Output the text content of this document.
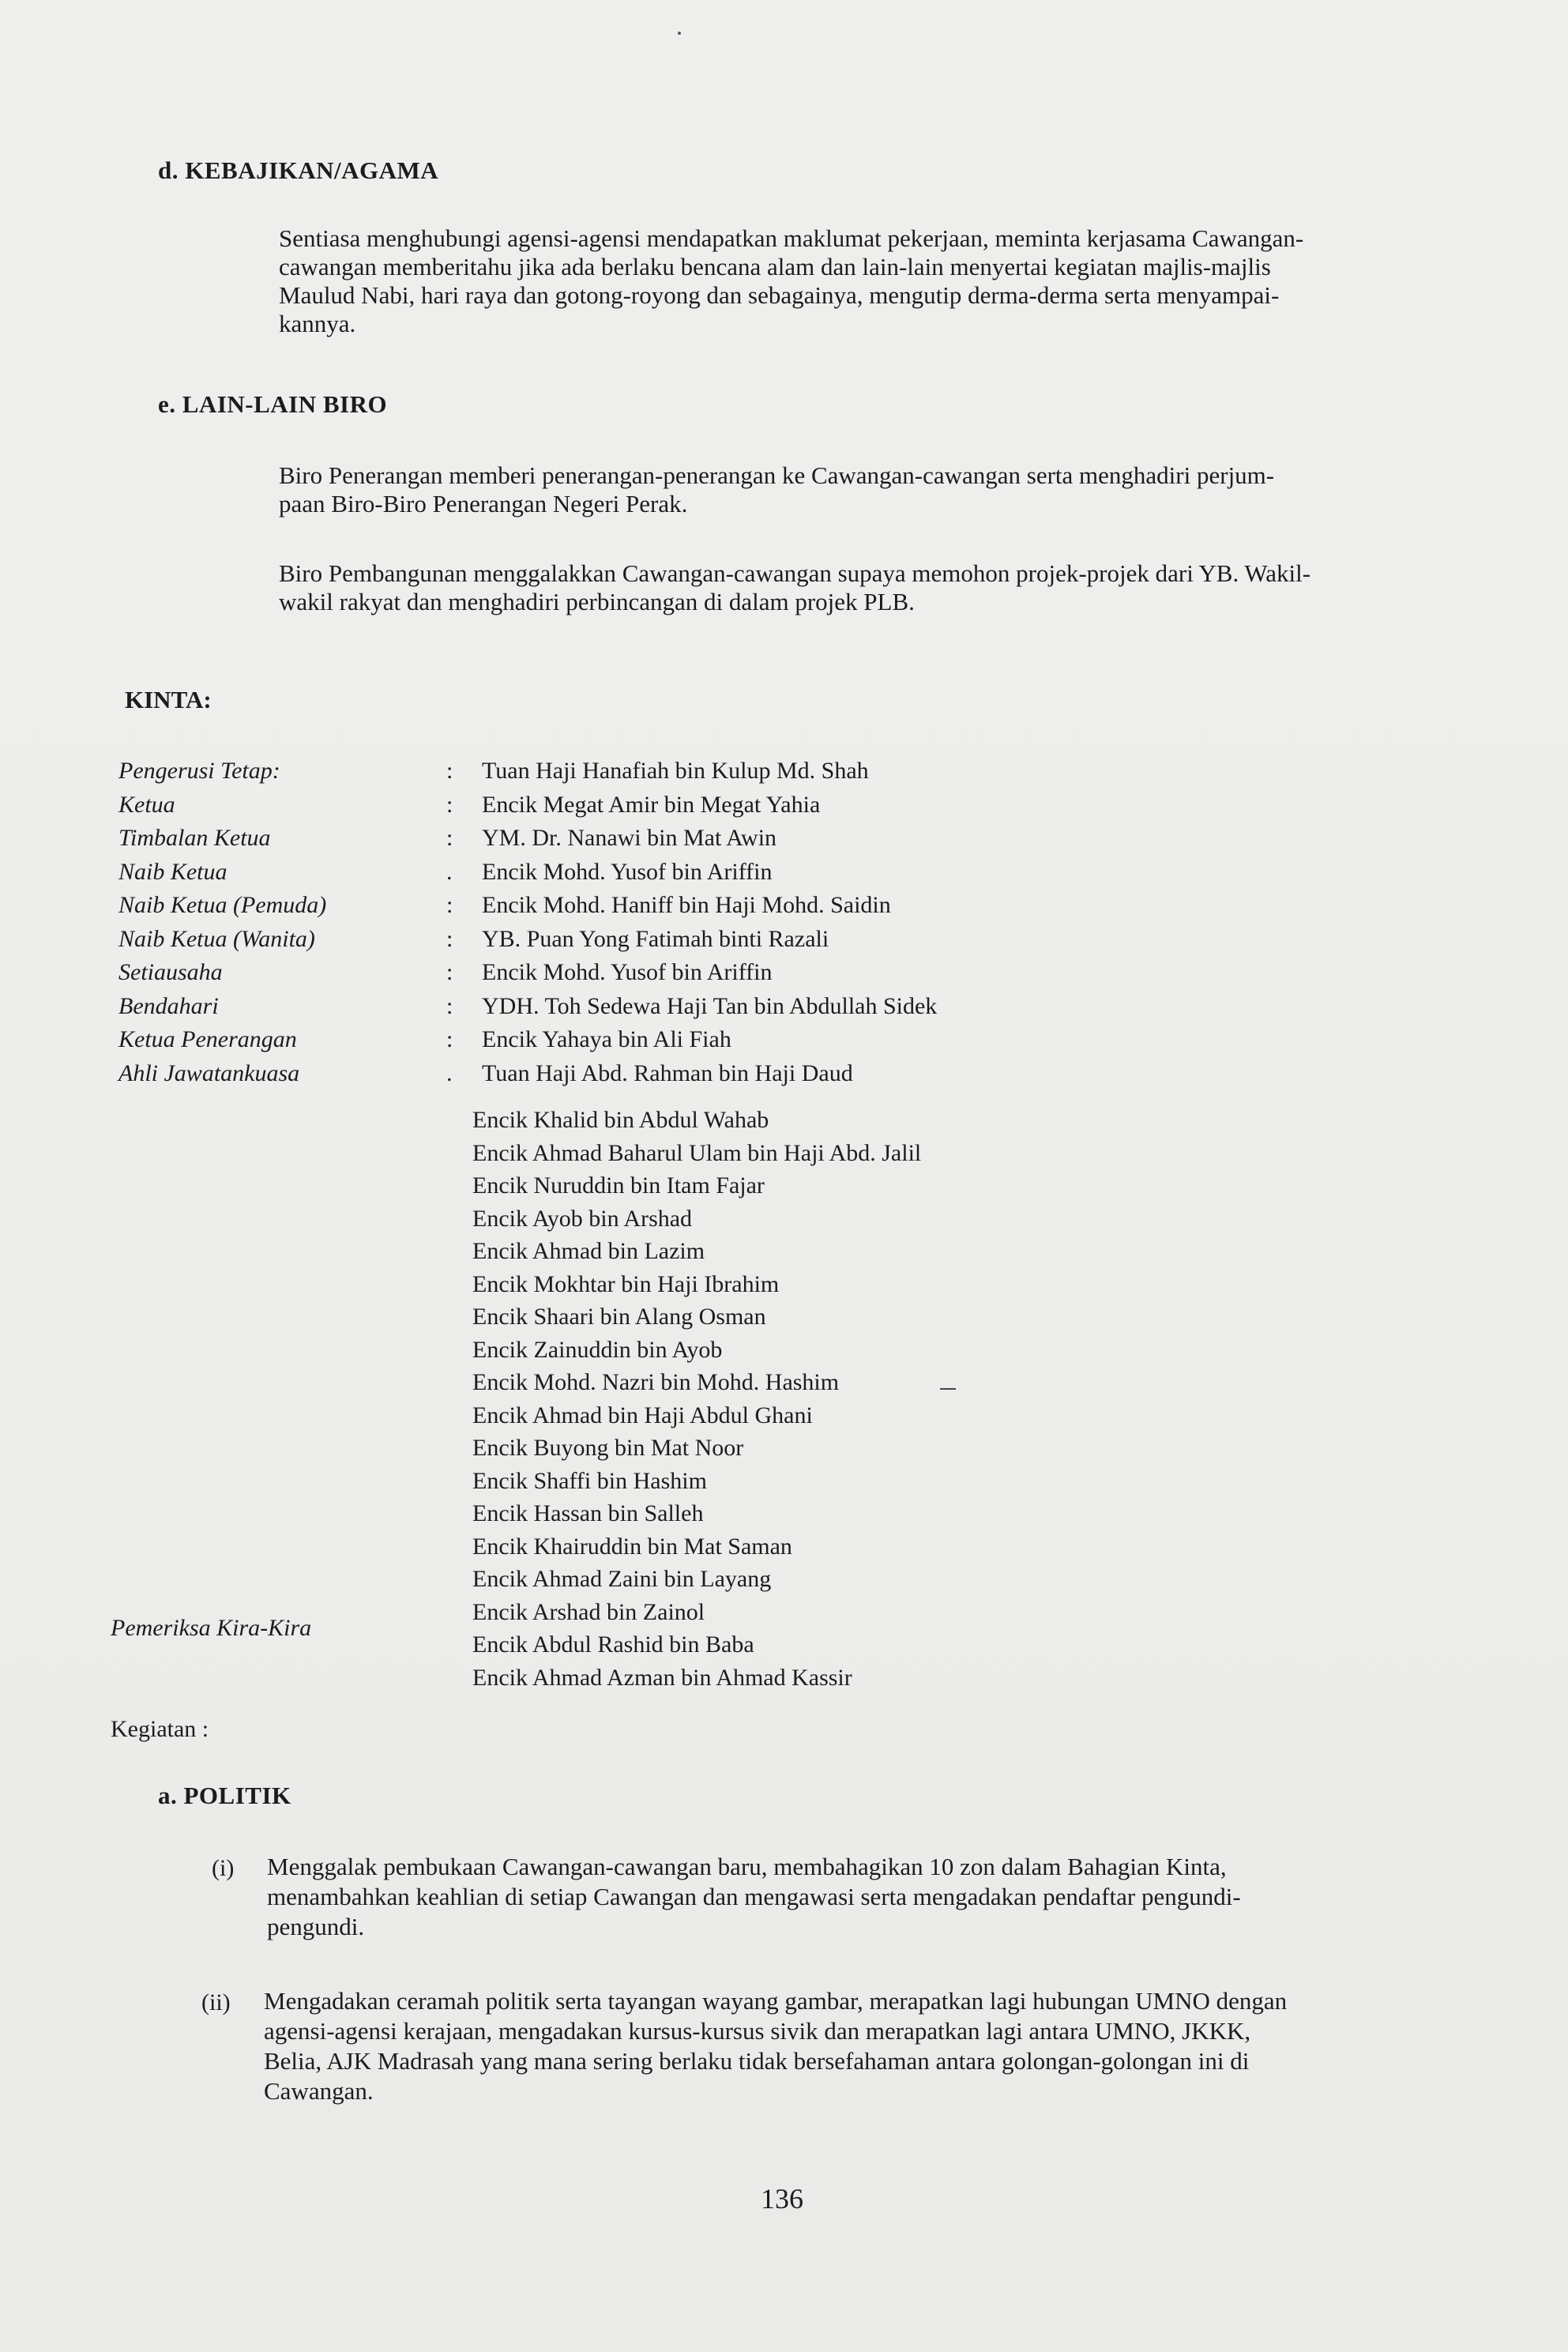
d. KEBAJIKAN/AGAMA
Sentiasa menghubungi agensi-agensi mendapatkan maklumat pekerjaan, meminta kerjasama Cawangan-
cawangan memberitahu jika ada berlaku bencana alam dan lain-lain menyertai kegiatan majlis-majlis
Maulud Nabi, hari raya dan gotong-royong dan sebagainya, mengutip derma-derma serta menyampai-
kannya.
e. LAIN-LAIN BIRO
Biro Penerangan memberi penerangan-penerangan ke Cawangan-cawangan serta menghadiri perjum-
paan Biro-Biro Penerangan Negeri Perak.
Biro Pembangunan menggalakkan Cawangan-cawangan supaya memohon projek-projek dari YB. Wakil-
wakil rakyat dan menghadiri perbincangan di dalam projek PLB.
KINTA:
Pengerusi Tetap:
Ketua
Timbalan Ketua
Naib Ketua
Naib Ketua (Pemuda)
Naib Ketua (Wanita)
Setiausaha
Bendahari
Ketua Penerangan
Ahli Jawatankuasa
:
:
:
.
:
:
:
:
:
.
Tuan Haji Hanafiah bin Kulup Md. Shah
Encik Megat Amir bin Megat Yahia
YM. Dr. Nanawi bin Mat Awin
Encik Mohd. Yusof bin Ariffin
Encik Mohd. Haniff bin Haji Mohd. Saidin
YB. Puan Yong Fatimah binti Razali
Encik Mohd. Yusof bin Ariffin
YDH. Toh Sedewa Haji Tan bin Abdullah Sidek
Encik Yahaya bin Ali Fiah
Tuan Haji Abd. Rahman bin Haji Daud
Encik Khalid bin Abdul Wahab
Encik Ahmad Baharul Ulam bin Haji Abd. Jalil
Encik Nuruddin bin Itam Fajar
Encik Ayob bin Arshad
Encik Ahmad bin Lazim
Encik Mokhtar bin Haji Ibrahim
Encik Shaari bin Alang Osman
Encik Zainuddin bin Ayob
Encik Mohd. Nazri bin Mohd. Hashim
Encik Ahmad bin Haji Abdul Ghani
Encik Buyong bin Mat Noor
Encik Shaffi bin Hashim
Encik Hassan bin Salleh
Encik Khairuddin bin Mat Saman
Encik Ahmad Zaini bin Layang
Encik Arshad bin Zainol
Encik Abdul Rashid bin Baba
Encik Ahmad Azman bin Ahmad Kassir
Pemeriksa Kira-Kira
Kegiatan :
a. POLITIK
(i) Menggalak pembukaan Cawangan-cawangan baru, membahagikan 10 zon dalam Bahagian Kinta,
menambahkan keahlian di setiap Cawangan dan mengawasi serta mengadakan pendaftar pengundi-
pengundi.
(ii) Mengadakan ceramah politik serta tayangan wayang gambar, merapatkan lagi hubungan UMNO dengan
agensi-agensi kerajaan, mengadakan kursus-kursus sivik dan merapatkan lagi antara UMNO, JKKK,
Belia, AJK Madrasah yang mana sering berlaku tidak bersefahaman antara golongan-golongan ini di
Cawangan.
136
